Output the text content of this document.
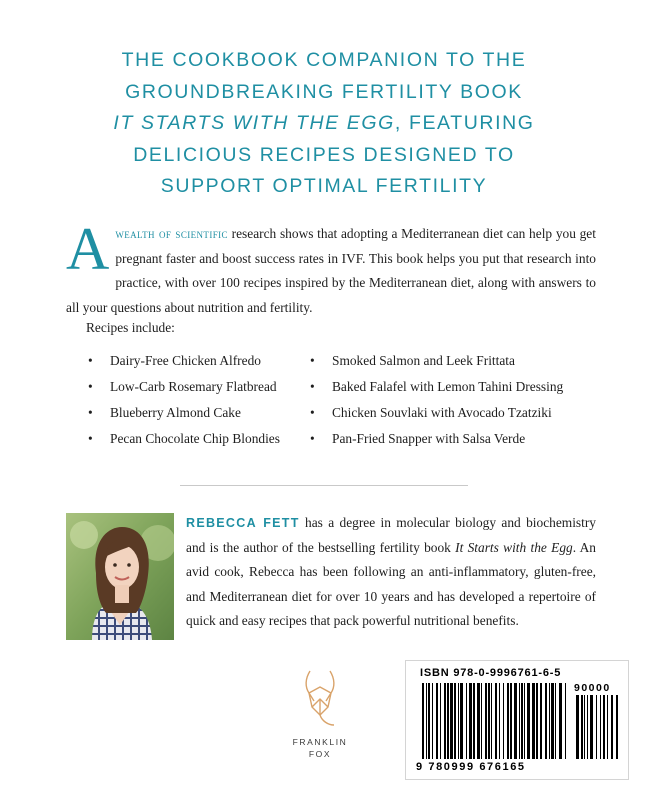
THE COOKBOOK COMPANION TO THE
GROUNDBREAKING FERTILITY BOOK
IT STARTS WITH THE EGG, FEATURING
DELICIOUS RECIPES DESIGNED TO
SUPPORT OPTIMAL FERTILITY
Awealth of scientific research shows that adopting a Mediterranean diet can help you get pregnant faster and boost success rates in IVF. This book helps you put that research into practice, with over 100 recipes inspired by the Mediterranean diet, along with answers to all your questions about nutrition and fertility.
Recipes include:
• Dairy-Free Chicken Alfredo	• Smoked Salmon and Leek Frittata
• Low-Carb Rosemary Flatbread	• Baked Falafel with Lemon Tahini Dressing
• Blueberry Almond Cake	• Chicken Souvlaki with Avocado Tzatziki
• Pecan Chocolate Chip Blondies	• Pan-Fried Snapper with Salsa Verde
REBECCA FETT has a degree in molecular biology and biochemistry and is the author of the bestselling fertility book It Starts with the Egg. An avid cook, Rebecca has been following an anti-inflammatory, gluten-free, and Mediterranean diet for over 10 years and has developed a repertoire of quick and easy recipes that pack powerful nutritional benefits.
FRANKLIN
FOX
ISBN 978-0-9996761-6-5
90000
9 780999 676165
